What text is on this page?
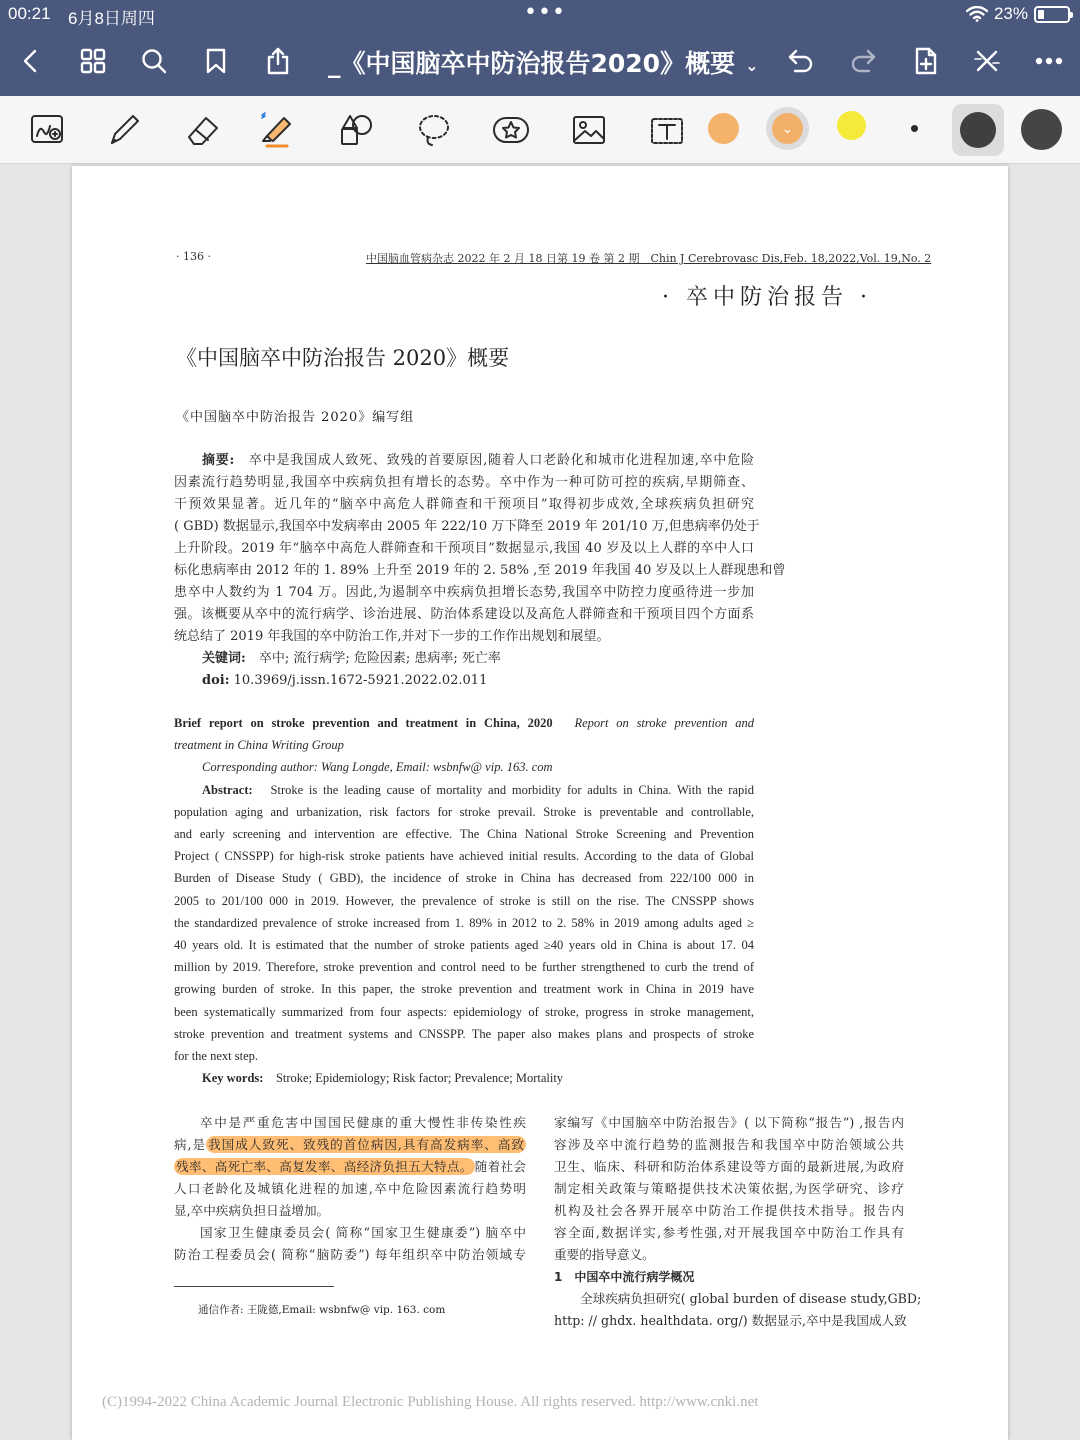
00:21 6月8日周四	•••	23%
_《中国脑卒中防治报告2020》概要 ⌄
⌄
· 136 ·	中国脑血管病杂志 2022 年 2 月 18 日第 19 卷 第 2 期　 Chin J Cerebrovasc Dis,Feb. 18,2022,Vol. 19,No. 2
· 卒中防治报告 ·
《中国脑卒中防治报告 2020》概要
《中国脑卒中防治报告 2020》编写组
摘要:　 卒中是我国成人致死、致残的首要原因,随着人口老龄化和城市化进程加速,卒中危险
因素流行趋势明显,我国卒中疾病负担有增长的态势。卒中作为一种可防可控的疾病,早期筛查、
干预效果显著。近几年的“脑卒中高危人群筛查和干预项目”取得初步成效,全球疾病负担研究
( GBD) 数据显示,我国卒中发病率由 2005 年 222/10 万下降至 2019 年 201/10 万,但患病率仍处于
上升阶段。2019 年“脑卒中高危人群筛查和干预项目”数据显示,我国 40 岁及以上人群的卒中人口
标化患病率由 2012 年的 1. 89% 上升至 2019 年的 2. 58% ,至 2019 年我国 40 岁及以上人群现患和曾
患卒中人数约为 1 704 万。因此,为遏制卒中疾病负担增长态势,我国卒中防控力度亟待进一步加
强。该概要从卒中的流行病学、诊治进展、防治体系建设以及高危人群筛查和干预项目四个方面系
统总结了 2019 年我国的卒中防治工作,并对下一步的工作作出规划和展望。
关键词:　 卒中; 流行病学; 危险因素; 患病率; 死亡率
doi: 10.3969/j.issn.1672-5921.2022.02.011
Brief report on stroke prevention and treatment in China, 2020　 Report on stroke prevention and
treatment in China Writing Group
Corresponding author: Wang Longde, Email: wsbnfw@ vip. 163. com
Abstract:　 Stroke is the leading cause of mortality and morbidity for adults in China. With the rapid
population aging and urbanization, risk factors for stroke prevail. Stroke is preventable and controllable,
and early screening and intervention are effective. The China National Stroke Screening and Prevention
Project ( CNSSPP) for high-risk stroke patients have achieved initial results. According to the data of Global
Burden of Disease Study ( GBD), the incidence of stroke in China has decreased from 222/100 000 in
2005 to 201/100 000 in 2019. However, the prevalence of stroke is still on the rise. The CNSSPP shows
the standardized prevalence of stroke increased from 1. 89% in 2012 to 2. 58% in 2019 among adults aged ≥
40 years old. It is estimated that the number of stroke patients aged ≥40 years old in China is about 17. 04
million by 2019. Therefore, stroke prevention and control need to be further strengthened to curb the trend of
growing burden of stroke. In this paper, the stroke prevention and treatment work in China in 2019 have
been systematically summarized from four aspects: epidemiology of stroke, progress in stroke management,
stroke prevention and treatment systems and CNSSPP. The paper also makes plans and prospects of stroke
for the next step.
Key words:　 Stroke; Epidemiology; Risk factor; Prevalence; Mortality
卒中是严重危害中国国民健康的重大慢性非传染性疾
病,是 我国成人致死、致残的首位病因,具有高发病率、高致
残率、高死亡率、高复发率、高经济负担五大特点。 随着社会
人口老龄化及城镇化进程的加速,卒中危险因素流行趋势明
显,卒中疾病负担日益增加。
国家卫生健康委员会( 简称“国家卫生健康委”) 脑卒中
防治工程委员会( 简称“脑防委”) 每年组织卒中防治领域专
通信作者: 王陇德,Email: wsbnfw@ vip. 163. com
家编写《中国脑卒中防治报告》( 以下简称“报告”) ,报告内
容涉及卒中流行趋势的监测报告和我国卒中防治领域公共
卫生、临床、科研和防治体系建设等方面的最新进展,为政府
制定相关政策与策略提供技术决策依据,为医学研究、诊疗
机构及社会各界开展卒中防治工作提供技术指导。报告内
容全面,数据详实,参考性强,对开展我国卒中防治工作具有
重要的指导意义。
1　中国卒中流行病学概况
全球疾病负担研究( global burden of disease study,GBD;
http: // ghdx. healthdata. org/) 数据显示,卒中是我国成人致
(C)1994-2022 China Academic Journal Electronic Publishing House. All rights reserved. http://www.cnki.net
